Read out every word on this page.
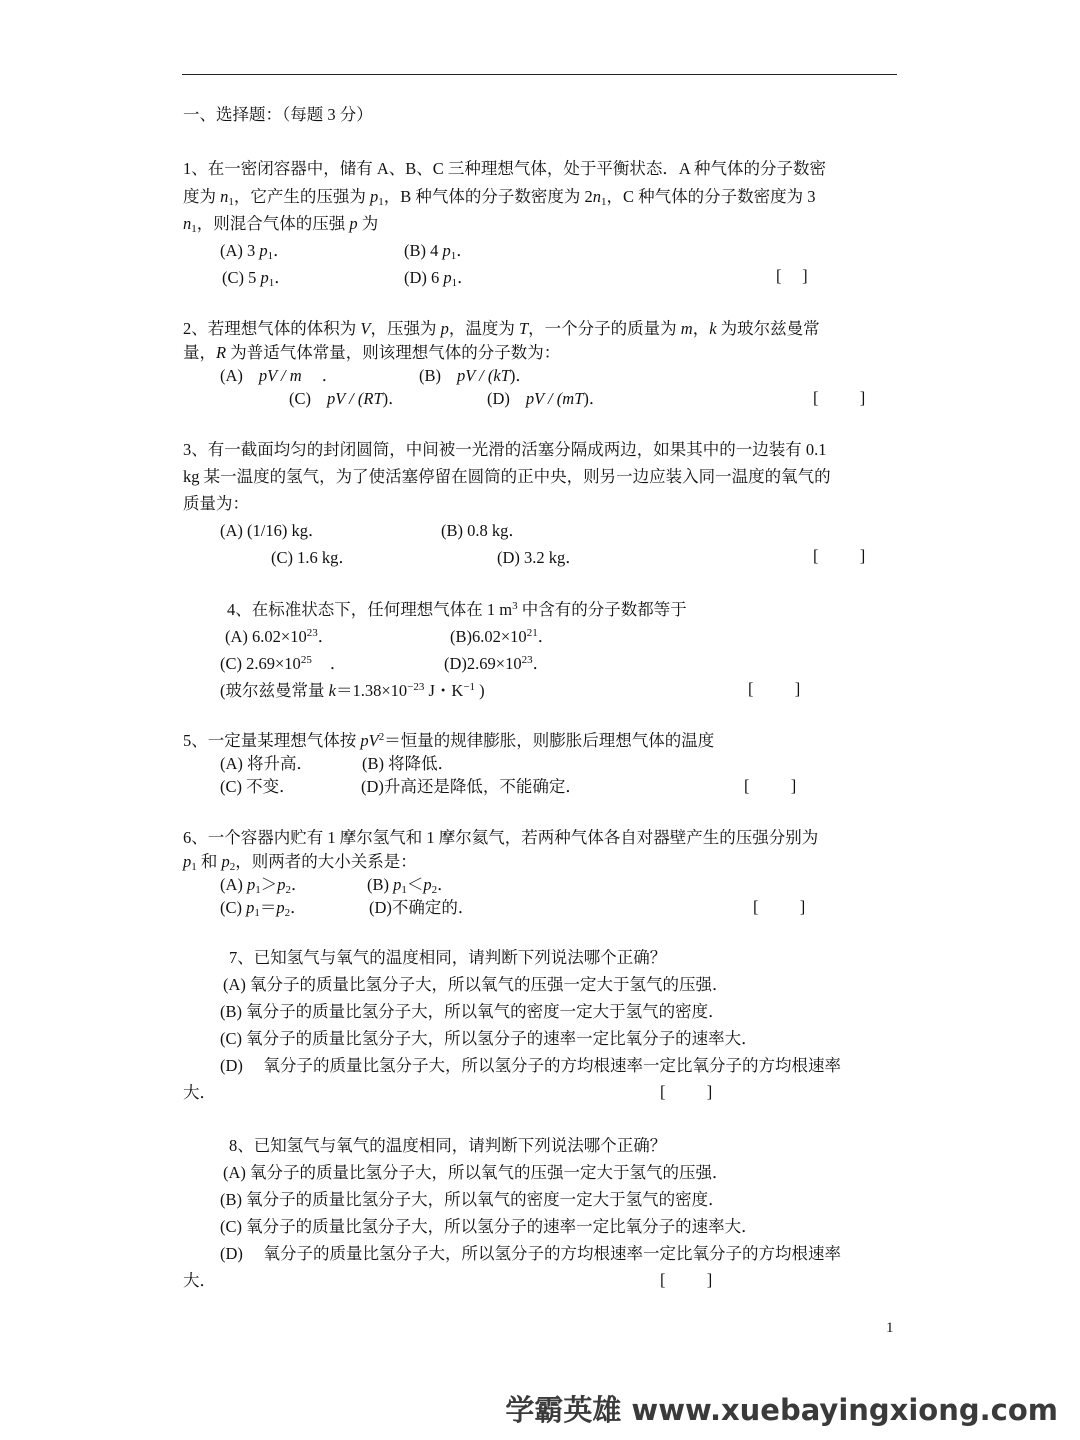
一、选择题：（每题 3 分）
1、在一密闭容器中，储有 A、B、C 三种理想气体，处于平衡状态．A 种气体的分子数密
度为 $n_1$，它产生的压强为 $p_1$，B 种气体的分子数密度为 $2n_1$，C 种气体的分子数密度为 3
$n_1$，则混合气体的压强 p 为
(A) 3 $p_1$．	(B) 4 $p_1$．
(C) 5 $p_1$．	(D) 6 $p_1$．	[     ]
2、若理想气体的体积为 V，压强为 p，温度为 T，一个分子的质量为 m，k 为玻尔兹曼常
量，R 为普适气体常量，则该理想气体的分子数为：
(A) pV / m ．	(B) pV / (kT)．
(C) pV / (RT)．	(D) pV / (mT)．	[          ]
3、有一截面均匀的封闭圆筒，中间被一光滑的活塞分隔成两边，如果其中的一边装有 0.1
kg 某一温度的氢气，为了使活塞停留在圆筒的正中央，则另一边应装入同一温度的氧气的
质量为：
(A) (1/16) kg．	(B) 0.8 kg．
(C) 1.6 kg．	(D) 3.2 kg．	[          ]
4、在标准状态下，任何理想气体在 1 $m^3$ 中含有的分子数都等于
(A) $6.02\times 10^{23}$．	$(B)6.02\times 10^{21}$．
(C) $2.69\times 10^{25}$ ．	$(D)2.69\times 10^{23}$．
(玻尔兹曼常量 $k=1.38\times 10^{-23}$ J・$K^{-1}$ )	[          ]
5、一定量某理想气体按 $pV^2=$恒量的规律膨胀，则膨胀后理想气体的温度
(A) 将升高．	(B) 将降低．
(C) 不变．	(D)升高还是降低，不能确定．	[          ]
6、一个容器内贮有 1 摩尔氢气和 1 摩尔氦气，若两种气体各自对器壁产生的压强分别为
$p_1$ 和 $p_2$，则两者的大小关系是：
(A) $p_1>p_2$．	(B) $p_1<p_2$．
(C) $p_1=p_2$．	(D)不确定的．	[          ]
7、已知氢气与氧气的温度相同，请判断下列说法哪个正确？
(A) 氧分子的质量比氢分子大，所以氧气的压强一定大于氢气的压强．
(B) 氧分子的质量比氢分子大，所以氧气的密度一定大于氢气的密度．
(C) 氧分子的质量比氢分子大，所以氢分子的速率一定比氧分子的速率大．
(D)     氧分子的质量比氢分子大，所以氢分子的方均根速率一定比氧分子的方均根速率
大．	[          ]
8、已知氢气与氧气的温度相同，请判断下列说法哪个正确？
(A) 氧分子的质量比氢分子大，所以氧气的压强一定大于氢气的压强．
(B) 氧分子的质量比氢分子大，所以氧气的密度一定大于氢气的密度．
(C) 氧分子的质量比氢分子大，所以氢分子的速率一定比氧分子的速率大．
(D)     氧分子的质量比氢分子大，所以氢分子的方均根速率一定比氧分子的方均根速率
大．	[          ]
1
学霸英雄 www.xuebayingxiong.com
